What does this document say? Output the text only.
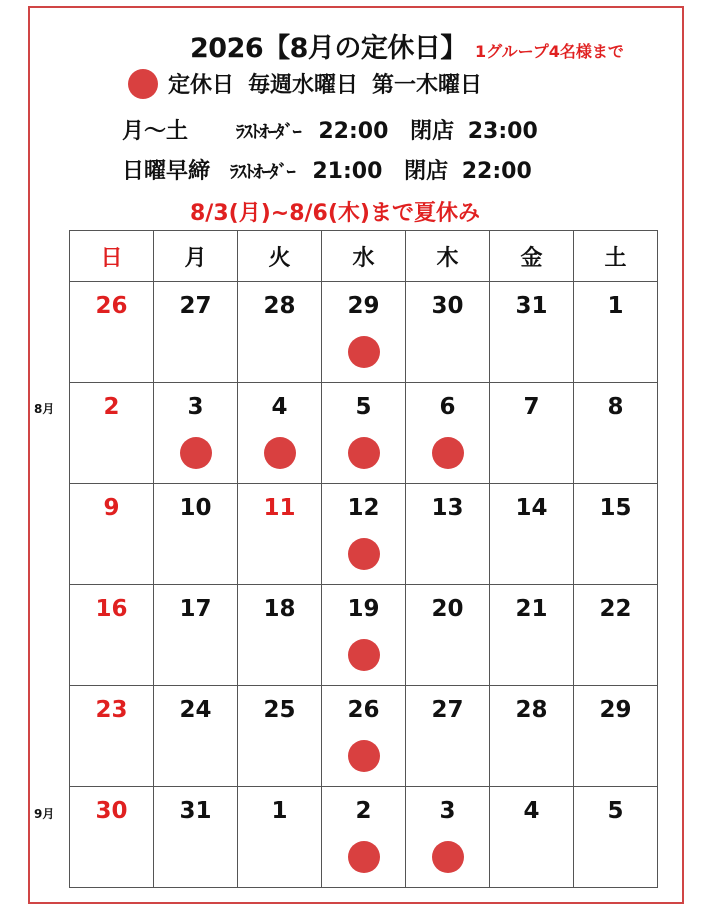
2026【8月の定休日】 1グループ4名様まで
定休日 毎週水曜日 第一木曜日
月～土	ﾗｽﾄｵｰﾀﾞｰ 22:00 閉店 23:00
日曜早締 ﾗｽﾄｵｰﾀﾞｰ 21:00 閉店 22:00
8/3(月)~8/6(木)まで夏休み
8月
9月
日	月	火	水	木	金	土

26	27	28	29	30	31	1

2	3	4	5	6	7	8

9	10	11	12	13	14	15

16	17	18	19	20	21	22

23	24	25	26	27	28	29

30	31	1	2	3	4	5
